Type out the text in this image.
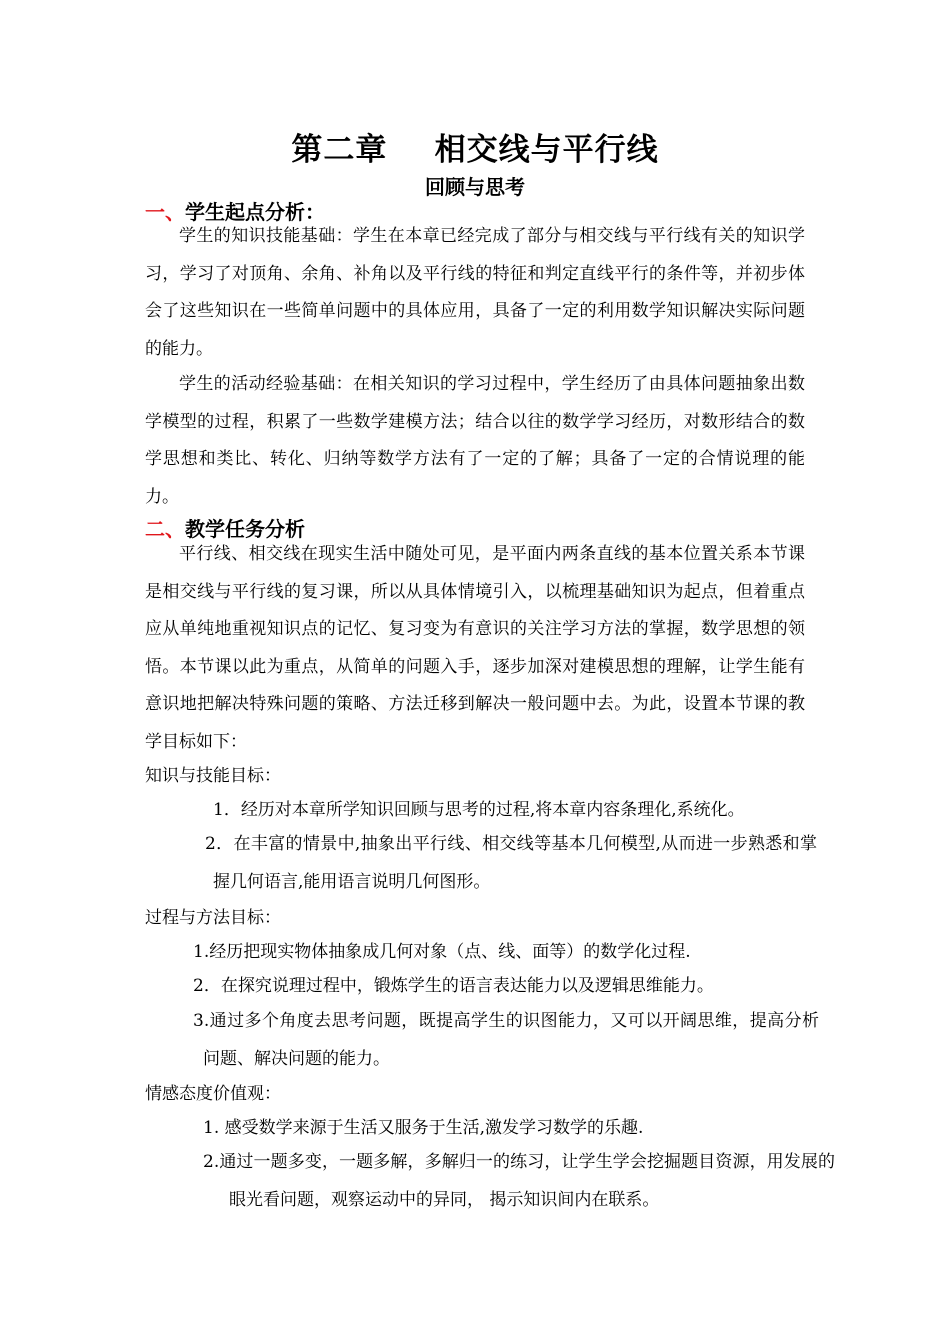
第二章    相交线与平行线
回顾与思考
一、学生起点分析：
学生的知识技能基础：学生在本章已经完成了部分与相交线与平行线有关的知识学习，学习了对顶角、余角、补角以及平行线的特征和判定直线平行的条件等，并初步体会了这些知识在一些简单问题中的具体应用，具备了一定的利用数学知识解决实际问题的能力。
学生的活动经验基础：在相关知识的学习过程中，学生经历了由具体问题抽象出数学模型的过程，积累了一些数学建模方法；结合以往的数学学习经历，对数形结合的数学思想和类比、转化、归纳等数学方法有了一定的了解；具备了一定的合情说理的能力。
二、教学任务分析
平行线、相交线在现实生活中随处可见，是平面内两条直线的基本位置关系本节课是相交线与平行线的复习课，所以从具体情境引入，以梳理基础知识为起点，但着重点应从单纯地重视知识点的记忆、复习变为有意识的关注学习方法的掌握，数学思想的领悟。本节课以此为重点，从简单的问题入手，逐步加深对建模思想的理解，让学生能有意识地把解决特殊问题的策略、方法迁移到解决一般问题中去。为此，设置本节课的教学目标如下：
知识与技能目标：
1．经历对本章所学知识回顾与思考的过程,将本章内容条理化,系统化。
2．在丰富的情景中,抽象出平行线、相交线等基本几何模型,从而进一步熟悉和掌握几何语言,能用语言说明几何图形。
过程与方法目标：
1.经历把现实物体抽象成几何对象（点、线、面等）的数学化过程.
2．在探究说理过程中，锻炼学生的语言表达能力以及逻辑思维能力。
3.通过多个角度去思考问题，既提高学生的识图能力，又可以开阔思维，提高分析问题、解决问题的能力。
情感态度价值观：
1. 感受数学来源于生活又服务于生活,激发学习数学的乐趣.
2.通过一题多变，一题多解，多解归一的练习，让学生学会挖掘题目资源，用发展的眼光看问题，观察运动中的异同， 揭示知识间内在联系。
